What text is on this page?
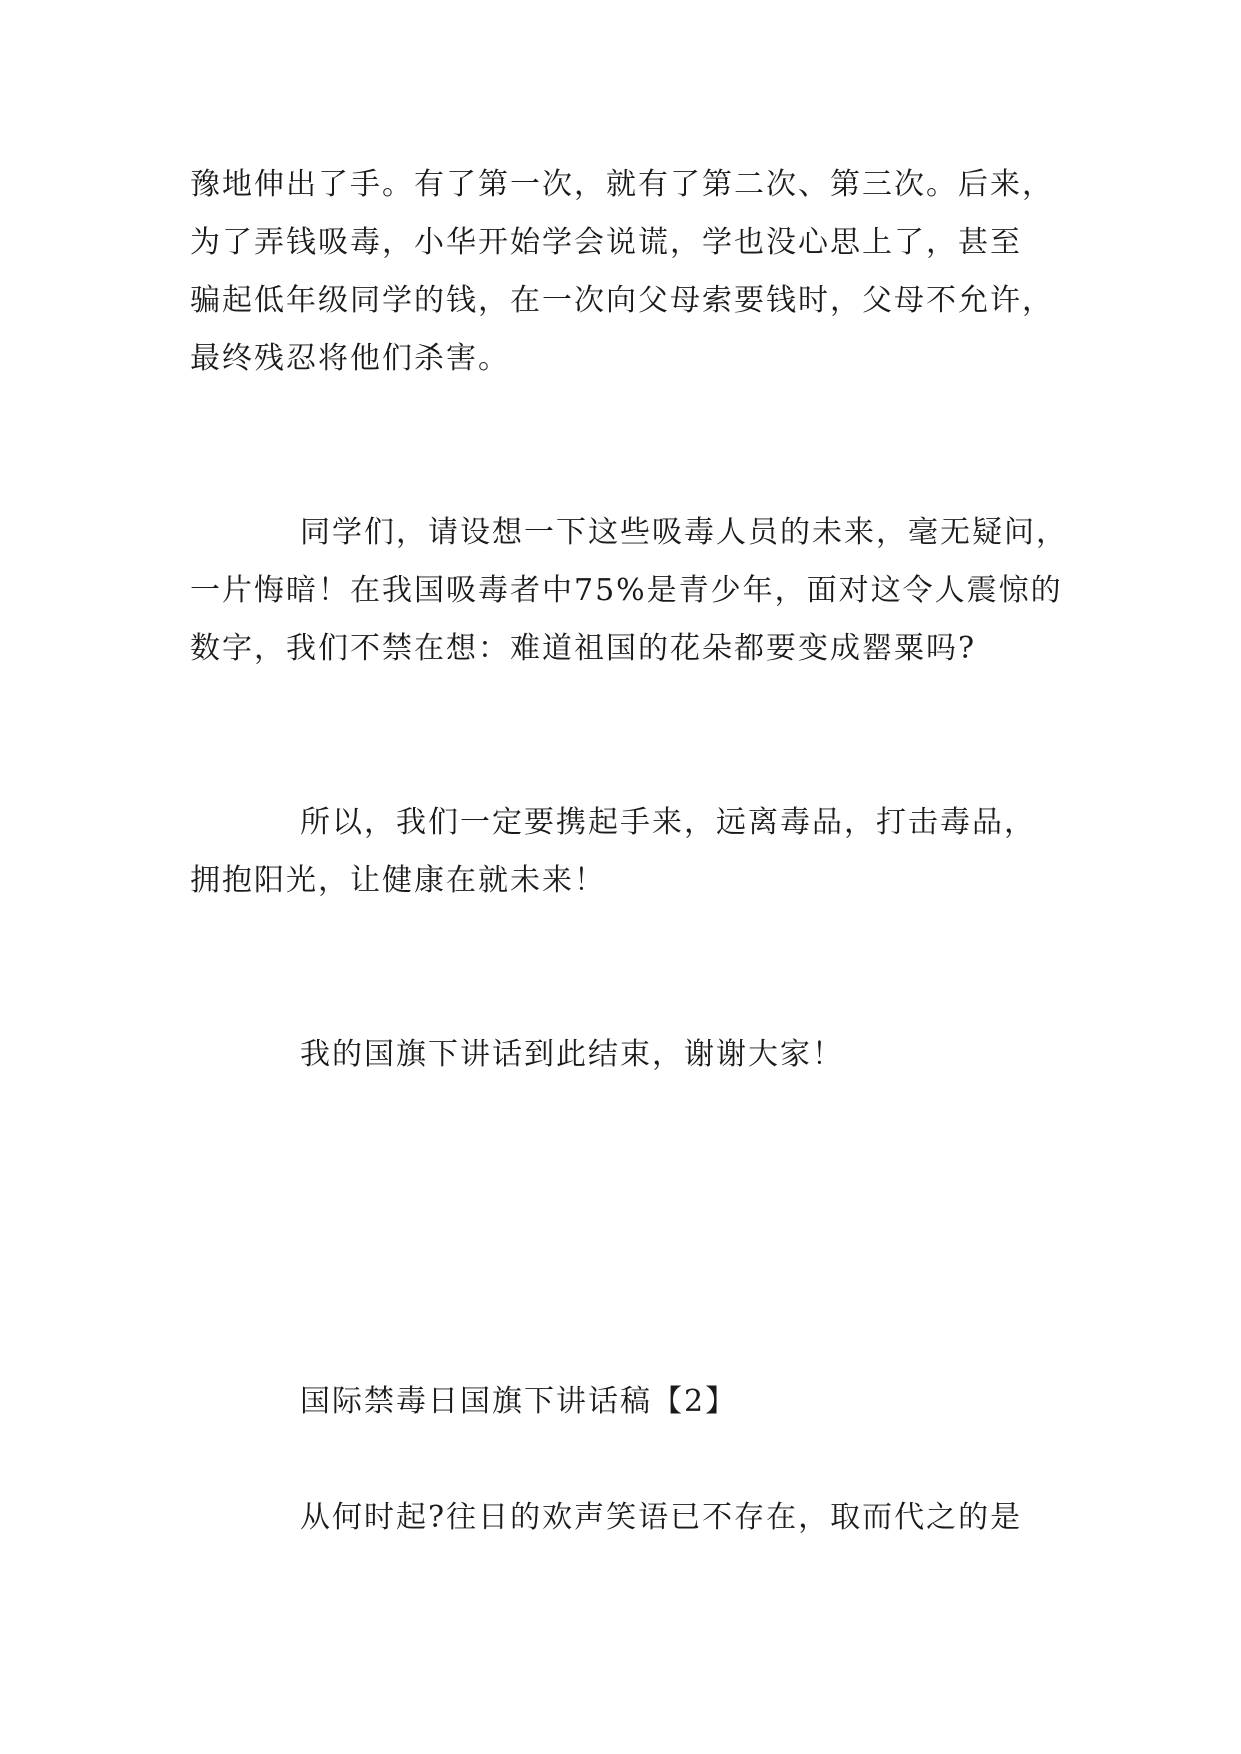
豫地伸出了手。有了第一次，就有了第二次、第三次。后来，
为了弄钱吸毒，小华开始学会说谎，学也没心思上了，甚至
骗起低年级同学的钱，在一次向父母索要钱时，父母不允许，
最终残忍将他们杀害。
同学们，请设想一下这些吸毒人员的未来，毫无疑问，
一片悔暗！在我国吸毒者中75%是青少年，面对这令人震惊的
数字，我们不禁在想：难道祖国的花朵都要变成罂粟吗?
所以，我们一定要携起手来，远离毒品，打击毒品，
拥抱阳光，让健康在就未来！
我的国旗下讲话到此结束，谢谢大家！
国际禁毒日国旗下讲话稿【2】
从何时起?往日的欢声笑语已不存在，取而代之的是
